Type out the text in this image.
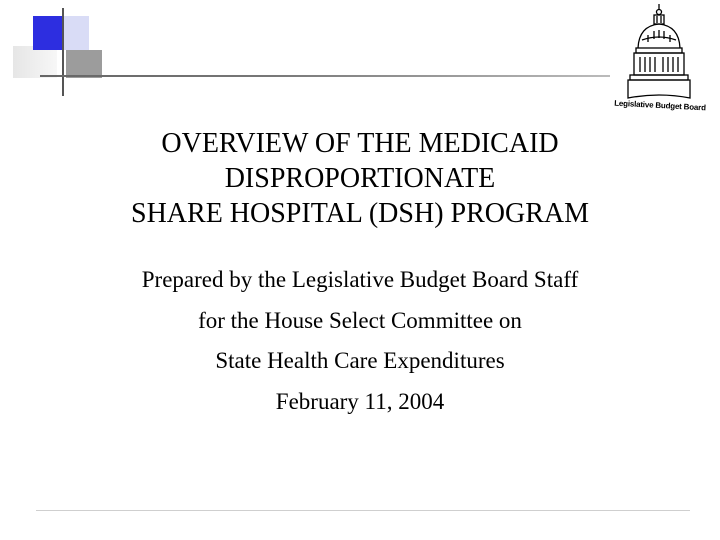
Legislative Budget Board
OVERVIEW OF THE MEDICAID
DISPROPORTIONATE
SHARE HOSPITAL (DSH) PROGRAM
Prepared by the Legislative Budget Board Staff
for the House Select Committee on
State Health Care Expenditures
February 11, 2004
